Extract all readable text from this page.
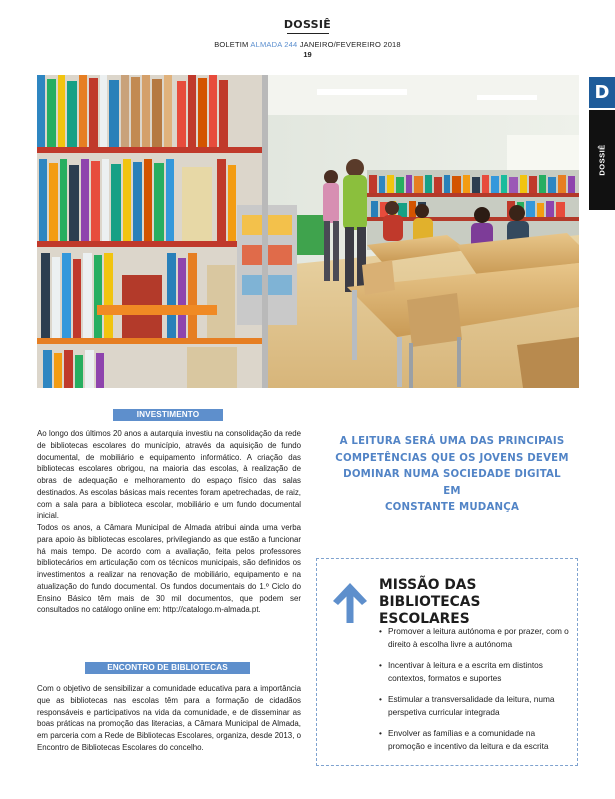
DOSSIÊ
BOLETIM ALMADA 244 JANEIRO/FEVEREIRO 2018
19
D
DOSSIÊ
INVESTIMENTO MUNICIPAL

Ao longo dos últimos 20 anos a autarquia investiu na consolidação da rede de bibliotecas escolares do município, através da aquisição de fundo documental, de mobiliário e equipamento informático. A criação das bibliotecas escolares obrigou, na maioria das escolas, à realização de obras de adequação e melhoramento do espaço físico das salas destinados. As escolas básicas mais recentes foram apetrechadas, de raiz, com a sala para a biblioteca escolar, mobiliário e um fundo documental inicial.

Todos os anos, a Câmara Municipal de Almada atribui ainda uma verba para apoio às bibliotecas escolares, privilegiando as que estão a funcionar há mais tempo. De acordo com a avaliação, feita pelos professores bibliotecários em articulação com os técnicos municipais, são definidos os investimentos a realizar na renovação de mobiliário, equipamento e na atualização do fundo documental. Os fundos documentais do 1.º Ciclo do Ensino Básico têm mais de 30 mil documentos, que podem ser consultados no catálogo online em: http://catalogo.m-almada.pt.

ENCONTRO DE BIBLIOTECAS ESCOLARES

Com o objetivo de sensibilizar a comunidade educativa para a importância que as bibliotecas nas escolas têm para a formação de cidadãos responsáveis e participativos na vida da comunidade, e de disseminar as boas práticas na promoção das literacias, a Câmara Municipal de Almada, em parceria com a Rede de Bibliotecas Escolares, organiza, desde 2013, o Encontro de Bibliotecas Escolares do concelho.

A LEITURA SERÁ UMA DAS PRINCIPAIS
COMPETÊNCIAS QUE OS JOVENS DEVEM
DOMINAR NUMA SOCIEDADE DIGITAL EM
CONSTANTE MUDANÇA
MISSÃO DAS BIBLIOTECAS
ESCOLARES
• Promover a leitura autónoma e por prazer, com o direito à escolha livre a autónoma
• Incentivar à leitura e a escrita em distintos contextos, formatos e suportes
• Estimular a transversalidade da leitura, numa perspetiva curricular integrada
• Envolver as famílias e a comunidade na promoção e incentivo da leitura e da escrita
